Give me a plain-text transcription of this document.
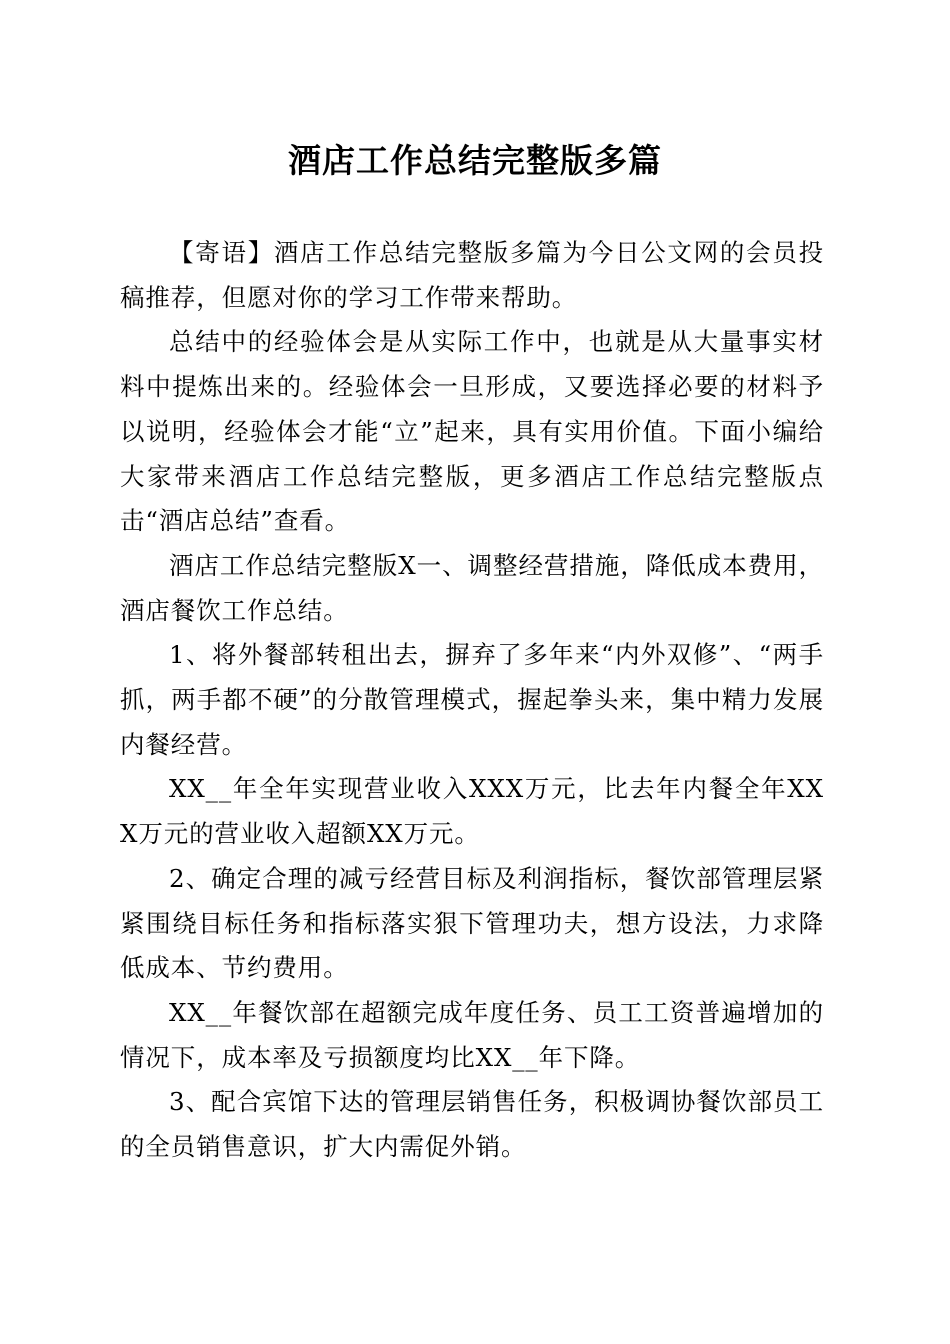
酒店工作总结完整版多篇

【寄语】酒店工作总结完整版多篇为今日公文网的会员投稿推荐，但愿对你的学习工作带来帮助。

总结中的经验体会是从实际工作中，也就是从大量事实材料中提炼出来的。经验体会一旦形成，又要选择必要的材料予以说明，经验体会才能“立”起来，具有实用价值。下面小编给大家带来酒店工作总结完整版，更多酒店工作总结完整版点击“酒店总结”查看。

酒店工作总结完整版X一、调整经营措施，降低成本费用，酒店餐饮工作总结。

1、将外餐部转租出去，摒弃了多年来“内外双修”、“两手抓，两手都不硬”的分散管理模式，握起拳头来，集中精力发展内餐经营。

XX__年全年实现营业收入XXX万元，比去年内餐全年XXX万元的营业收入超额XX万元。

2、确定合理的减亏经营目标及利润指标，餐饮部管理层紧紧围绕目标任务和指标落实狠下管理功夫，想方设法，力求降低成本、节约费用。

XX__年餐饮部在超额完成年度任务、员工工资普遍增加的情况下，成本率及亏损额度均比XX__年下降。

3、配合宾馆下达的管理层销售任务，积极调协餐饮部员工的全员销售意识，扩大内需促外销。
